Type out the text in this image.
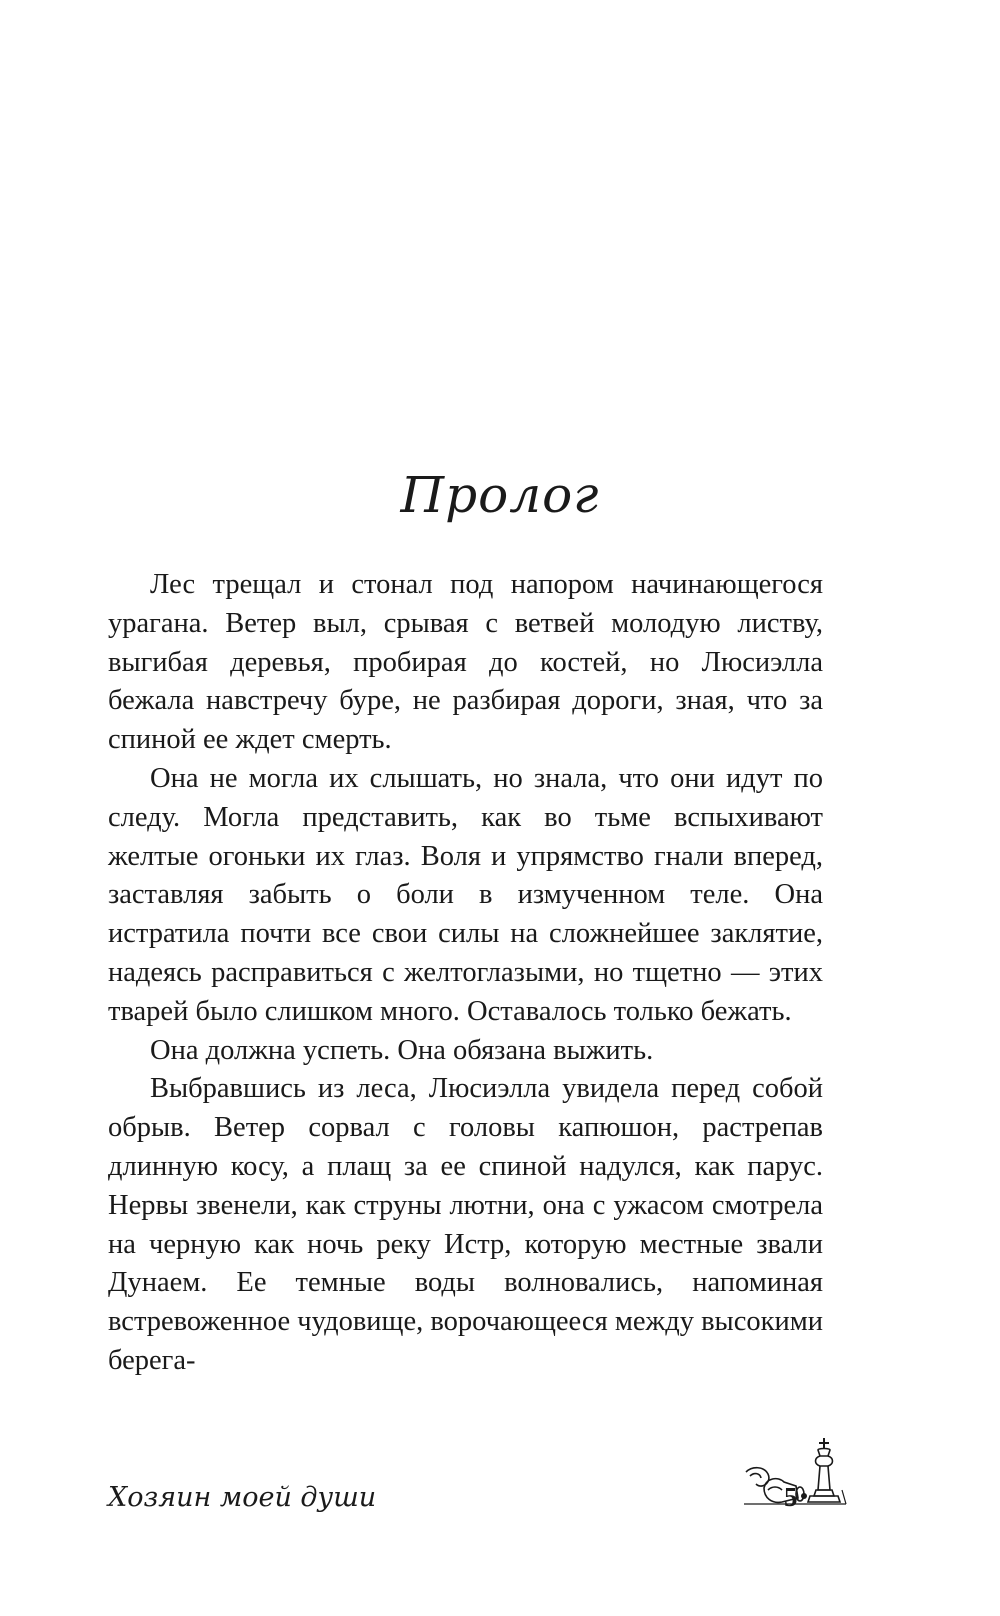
Пролог

Лес трещал и стонал под напором начинающегося урагана. Ветер выл, срывая с ветвей молодую листву, выгибая деревья, пробирая до костей, но Люсиэлла бежала навстречу буре, не разбирая дороги, зная, что за спиной ее ждет смерть.

Она не могла их слышать, но знала, что они идут по следу. Могла представить, как во тьме вспыхивают желтые огоньки их глаз. Воля и упрямство гнали вперед, заставляя забыть о боли в измученном теле. Она истратила почти все свои силы на сложнейшее заклятие, надеясь расправиться с желтоглазыми, но тщетно — этих тварей было слишком много. Оставалось только бежать.

Она должна успеть. Она обязана выжить.

Выбравшись из леса, Люсиэлла увидела перед собой обрыв. Ветер сорвал с головы капюшон, растрепав длинную косу, а плащ за ее спиной надулся, как парус. Нервы звенели, как струны лютни, она с ужасом смотрела на черную как ночь реку Истр, которую местные звали Дунаем. Ее темные воды волновались, напоминая встревоженное чудовище, ворочающееся между высокими берега-

Хозяин моей души	5
